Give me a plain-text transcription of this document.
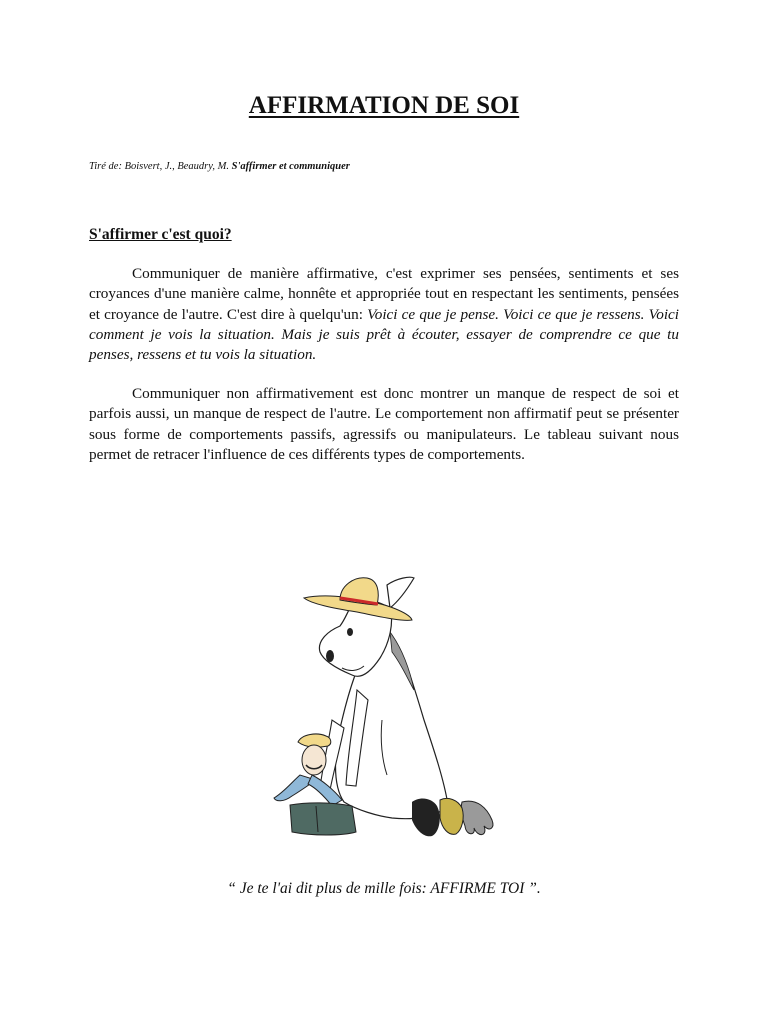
AFFIRMATION DE SOI
Tiré de: Boisvert, J., Beaudry, M. S'affirmer et communiquer
S'affirmer c'est quoi?

Communiquer de manière affirmative, c'est exprimer ses pensées, sentiments et ses croyances d'une manière calme, honnête et appropriée tout en respectant les sentiments, pensées et croyance de l'autre. C'est dire à quelqu'un: Voici ce que je pense. Voici ce que je ressens. Voici comment je vois la situation. Mais je suis prêt à écouter, essayer de comprendre ce que tu penses, ressens et tu vois la situation.

Communiquer non affirmativement est donc montrer un manque de respect de soi et parfois aussi, un manque de respect de l'autre. Le comportement non affirmatif peut se présenter sous forme de comportements passifs, agressifs ou manipulateurs. Le tableau suivant nous permet de retracer l'influence de ces différents types de comportements.

“ Je te l'ai dit plus de mille fois: AFFIRME TOI ”.
